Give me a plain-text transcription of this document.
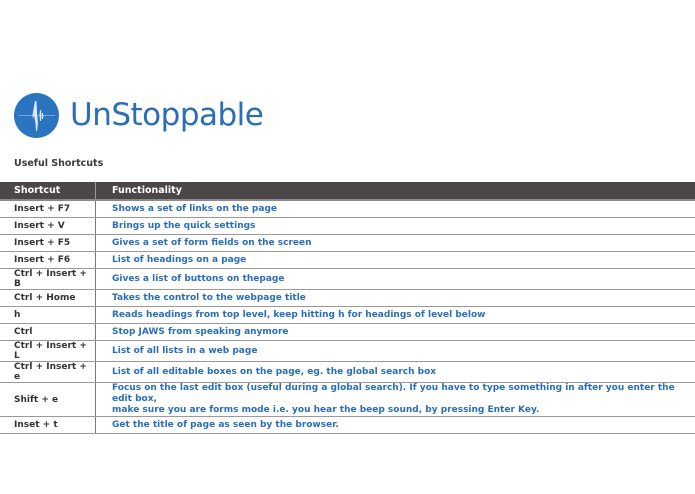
UnStoppable
Useful Shortcuts
Shortcut	Functionality
Insert + F7	Shows a set of links on the page
Insert + V	Brings up the quick settings
Insert + F5	Gives a set of form fields on the screen
Insert + F6	List of headings on a page
Ctrl + Insert + B	Gives a list of buttons on thepage
Ctrl + Home	Takes the control to the webpage title
h	Reads headings from top level, keep hitting h for headings of level below
Ctrl	Stop JAWS from speaking anymore
Ctrl + Insert + L	List of all lists in a web page
Ctrl + Insert + e	List of all editable boxes on the page, eg. the global search box
Shift + e	Focus on the last edit box (useful during a global search). If you have to type something in after you enter the edit box,
make sure you are forms mode i.e. you hear the beep sound, by pressing Enter Key.

Inset + t	Get the title of page as seen by the browser.
